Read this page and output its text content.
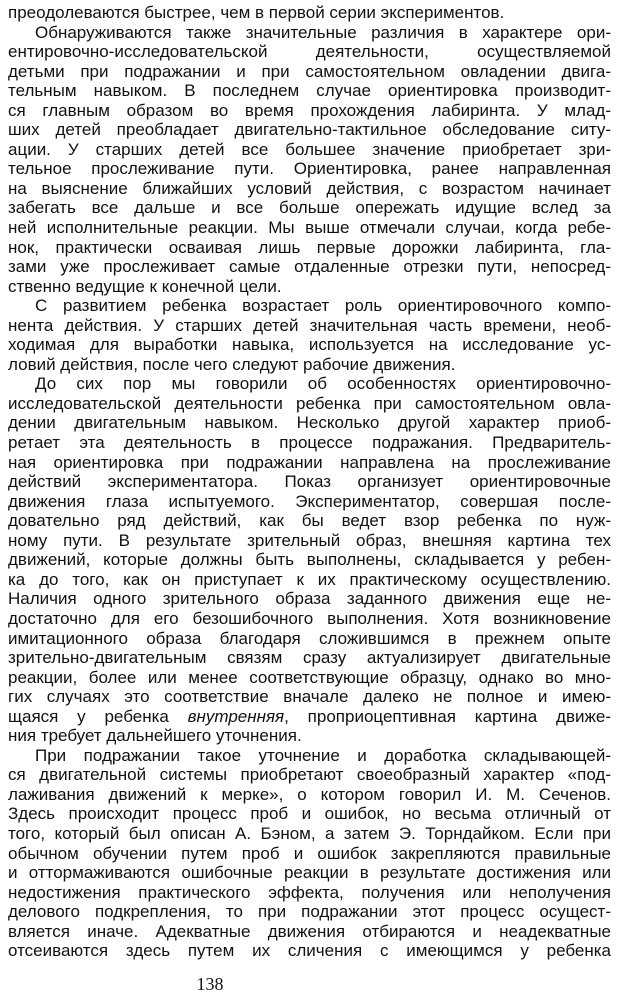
преодолеваются быстрее, чем в первой серии экспериментов.
Обнаруживаются также значительные различия в характере ори-
ентировочно-исследовательской деятельности, осуществляемой
детьми при подражании и при самостоятельном овладении двига-
тельным навыком. В последнем случае ориентировка производит-
ся главным образом во время прохождения лабиринта. У млад-
ших детей преобладает двигательно-тактильное обследование ситу-
ации. У старших детей все большее значение приобретает зри-
тельное прослеживание пути. Ориентировка, ранее направленная
на выяснение ближайших условий действия, с возрастом начинает
забегать все дальше и все больше опережать идущие вслед за
ней исполнительные реакции. Мы выше отмечали случаи, когда ребе-
нок, практически осваивая лишь первые дорожки лабиринта, гла-
зами уже прослеживает самые отдаленные отрезки пути, непосред-
ственно ведущие к конечной цели.
С развитием ребенка возрастает роль ориентировочного компо-
нента действия. У старших детей значительная часть времени, необ-
ходимая для выработки навыка, используется на исследование ус-
ловий действия, после чего следуют рабочие движения.
До сих пор мы говорили об особенностях ориентировочно-
исследовательской деятельности ребенка при самостоятельном овла-
дении двигательным навыком. Несколько другой характер приоб-
ретает эта деятельность в процессе подражания. Предваритель-
ная ориентировка при подражании направлена на прослеживание
действий экспериментатора. Показ организует ориентировочные
движения глаза испытуемого. Экспериментатор, совершая после-
довательно ряд действий, как бы ведет взор ребенка по нуж-
ному пути. В результате зрительный образ, внешняя картина тех
движений, которые должны быть выполнены, складывается у ребен-
ка до того, как он приступает к их практическому осуществлению.
Наличия одного зрительного образа заданного движения еще не-
достаточно для его безошибочного выполнения. Хотя возникновение
имитационного образа благодаря сложившимся в прежнем опыте
зрительно-двигательным связям сразу актуализирует двигательные
реакции, более или менее соответствующие образцу, однако во мно-
гих случаях это соответствие вначале далеко не полное и имею-
щаяся у ребенка внутренняя, проприоцептивная картина движе-
ния требует дальнейшего уточнения.
При подражании такое уточнение и доработка складывающей-
ся двигательной системы приобретают своеобразный характер «под-
лаживания движений к мерке», о котором говорил И. М. Сеченов.
Здесь происходит процесс проб и ошибок, но весьма отличный от
того, который был описан А. Бэном, а затем Э. Торндайком. Если при
обычном обучении путем проб и ошибок закрепляются правильные
и оттормаживаются ошибочные реакции в результате достижения или
недостижения практического эффекта, получения или неполучения
делового подкрепления, то при подражании этот процесс осущест-
вляется иначе. Адекватные движения отбираются и неадекватные
отсеиваются здесь путем их сличения с имеющимся у ребенка
138
